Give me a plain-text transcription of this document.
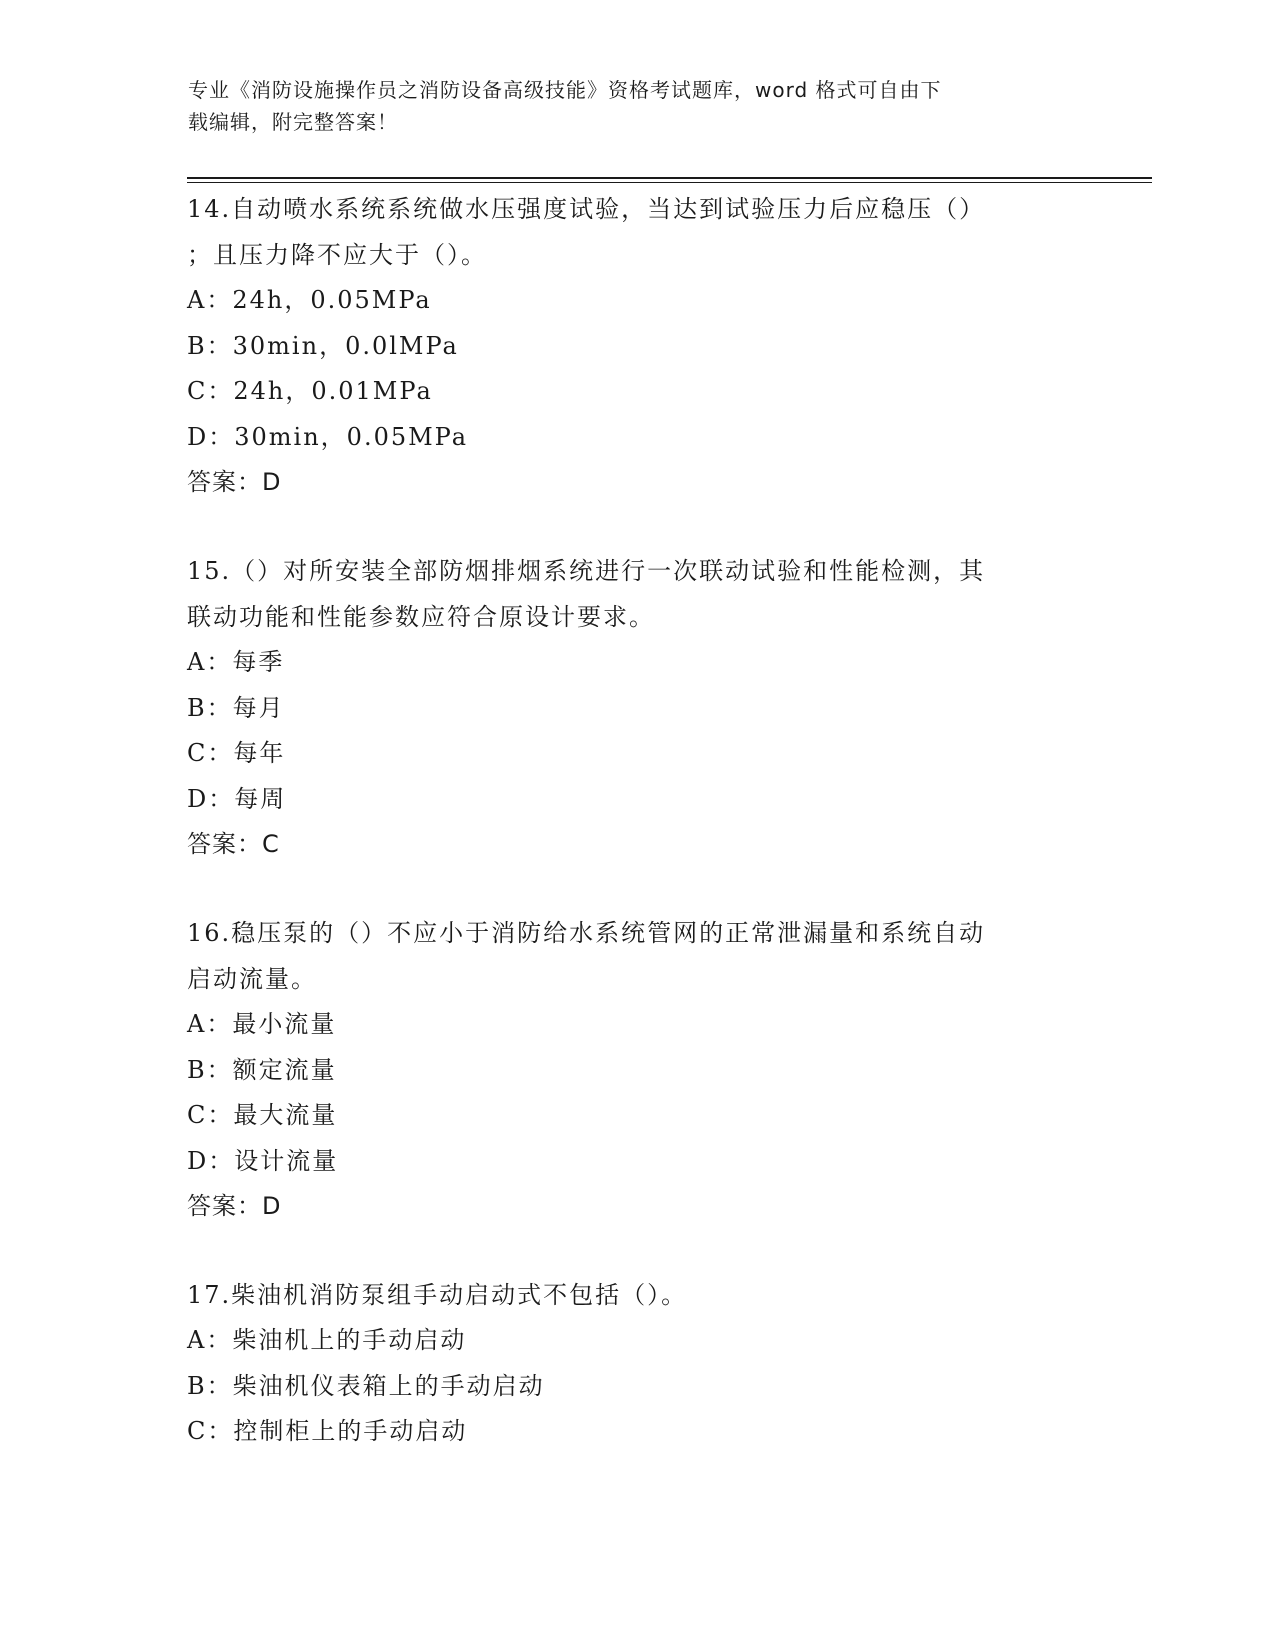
专业《消防设施操作员之消防设备高级技能》资格考试题库，word 格式可自由下
载编辑，附完整答案！

14.自动喷水系统系统做水压强度试验，当达到试验压力后应稳压（）

；且压力降不应大于（）。

A：24h，0.05MPa

B：30min，0.0lMPa

C：24h，0.01MPa

D：30min，0.05MPa

答案：D

15.（）对所安装全部防烟排烟系统进行一次联动试验和性能检测，其

联动功能和性能参数应符合原设计要求。

A：每季

B：每月

C：每年

D：每周

答案：C

16.稳压泵的（）不应小于消防给水系统管网的正常泄漏量和系统自动

启动流量。

A：最小流量

B：额定流量

C：最大流量

D：设计流量

答案：D

17.柴油机消防泵组手动启动式不包括（）。

A：柴油机上的手动启动

B：柴油机仪表箱上的手动启动

C：控制柜上的手动启动
